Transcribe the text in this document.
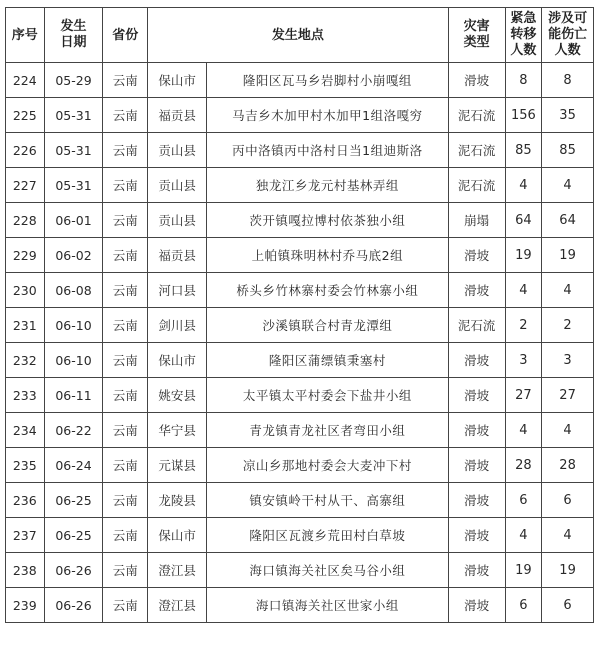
序号	发生日期	省份	发生地点		灾害类型	紧急转移人数	涉及可能伤亡人数

224	05-29	云南	保山市	隆阳区瓦马乡岩脚村小崩嘎组	滑坡	8	8
225	05-31	云南	福贡县	马吉乡木加甲村木加甲1组洛嘎穷	泥石流	156	35
226	05-31	云南	贡山县	丙中洛镇丙中洛村日当1组迪斯洛	泥石流	85	85
227	05-31	云南	贡山县	独龙江乡龙元村基林弄组	泥石流	4	4
228	06-01	云南	贡山县	茨开镇嘎拉博村依茶独小组	崩塌	64	64
229	06-02	云南	福贡县	上帕镇珠明林村乔马底2组	滑坡	19	19
230	06-08	云南	河口县	桥头乡竹林寨村委会竹林寨小组	滑坡	4	4
231	06-10	云南	剑川县	沙溪镇联合村青龙潭组	泥石流	2	2
232	06-10	云南	保山市	隆阳区蒲缥镇秉塞村	滑坡	3	3
233	06-11	云南	姚安县	太平镇太平村委会下盐井小组	滑坡	27	27
234	06-22	云南	华宁县	青龙镇青龙社区者弯田小组	滑坡	4	4
235	06-24	云南	元谋县	凉山乡那地村委会大麦冲下村	滑坡	28	28
236	06-25	云南	龙陵县	镇安镇岭干村从干、高寨组	滑坡	6	6
237	06-25	云南	保山市	隆阳区瓦渡乡荒田村白草坡	滑坡	4	4
238	06-26	云南	澄江县	海口镇海关社区矣马谷小组	滑坡	19	19
239	06-26	云南	澄江县	海口镇海关社区世家小组	滑坡	6	6
